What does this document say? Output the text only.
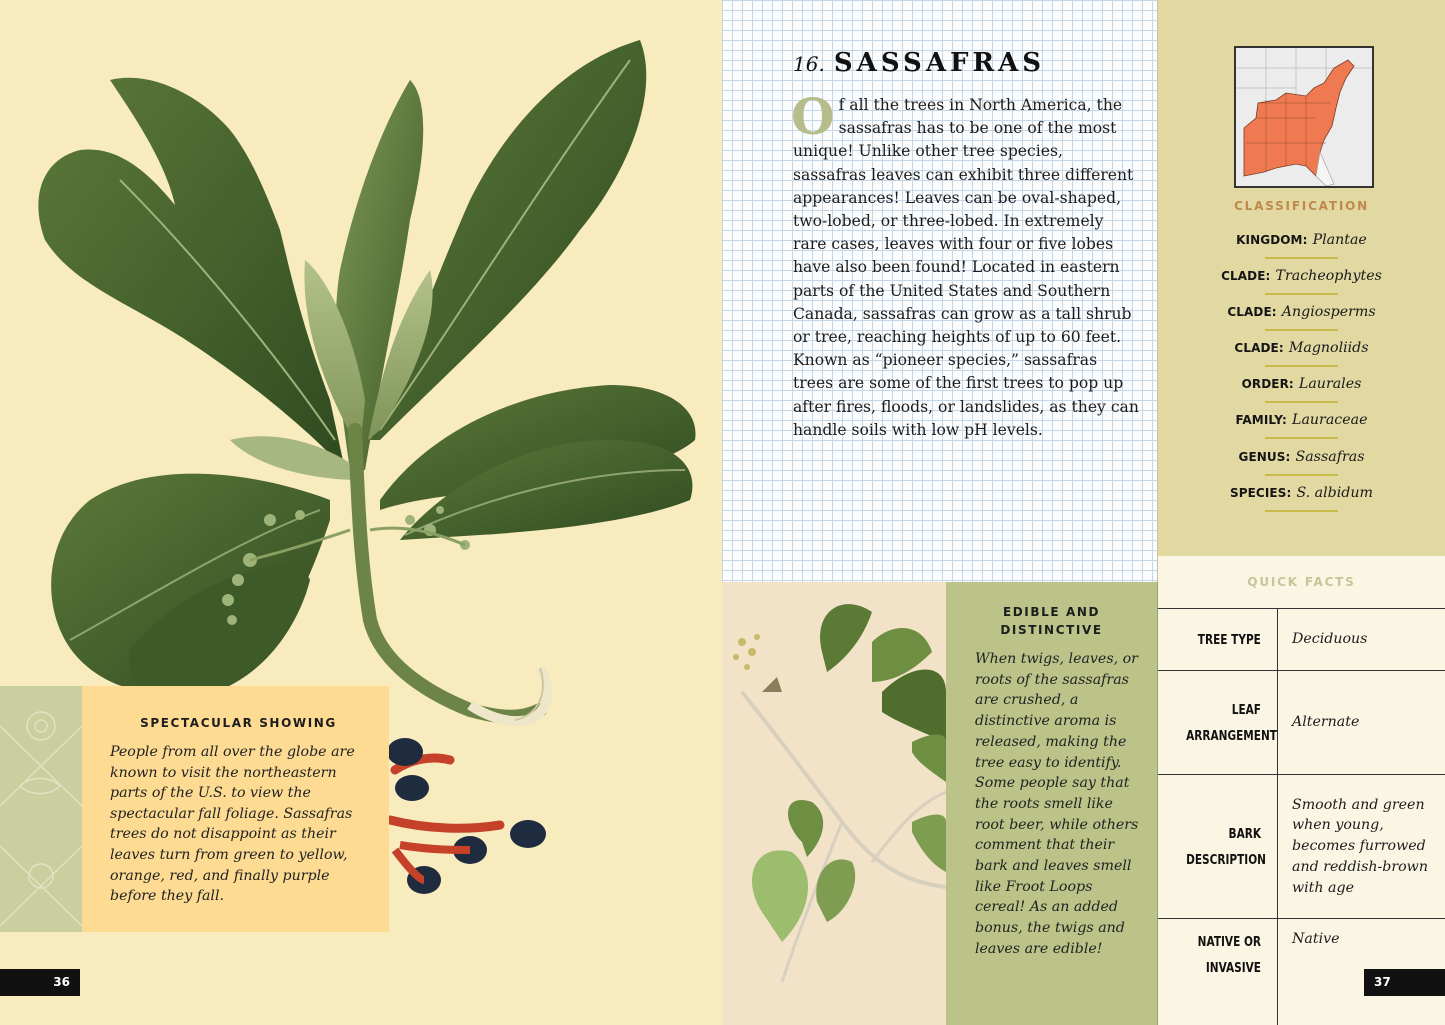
SPECTACULAR SHOWING
People from all over the globe are known to visit the northeastern parts of the U.S. to view the spectacular fall foliage. Sassafras trees do not disappoint as their leaves turn from green to yellow, orange, red, and finally purple before they fall.
36
16. SASSAFRAS
O f all the trees in North America, the sassafras has to be one of the most unique! Unlike other tree species, sassafras leaves can exhibit three different appearances! Leaves can be oval-shaped, two-lobed, or three-lobed. In extremely rare cases, leaves with four or five lobes have also been found! Located in eastern parts of the United States and Southern Canada, sassafras can grow as a tall shrub or tree, reaching heights of up to 60 feet. Known as “pioneer species,” sassafras trees are some of the first trees to pop up after fires, floods, or landslides, as they can handle soils with low pH levels.
EDIBLE AND DISTINCTIVE
When twigs, leaves, or roots of the sassafras are crushed, a distinctive aroma is released, making the tree easy to identify. Some people say that the roots smell like root beer, while others comment that their bark and leaves smell like Froot Loops cereal! As an added bonus, the twigs and leaves are edible!
CLASSIFICATION
KINGDOM: Plantae
CLADE: Tracheophytes
CLADE: Angiosperms
CLADE: Magnoliids
ORDER: Laurales
FAMILY: Lauraceae
GENUS: Sassafras
SPECIES: S. albidum
QUICK FACTS
TREE TYPE	Deciduous
LEAF ARRANGEMENT
Alternate
BARK DESCRIPTION
Smooth and green when young, becomes furrowed and reddish-brown with age
NATIVE OR INVASIVE
Native
37
